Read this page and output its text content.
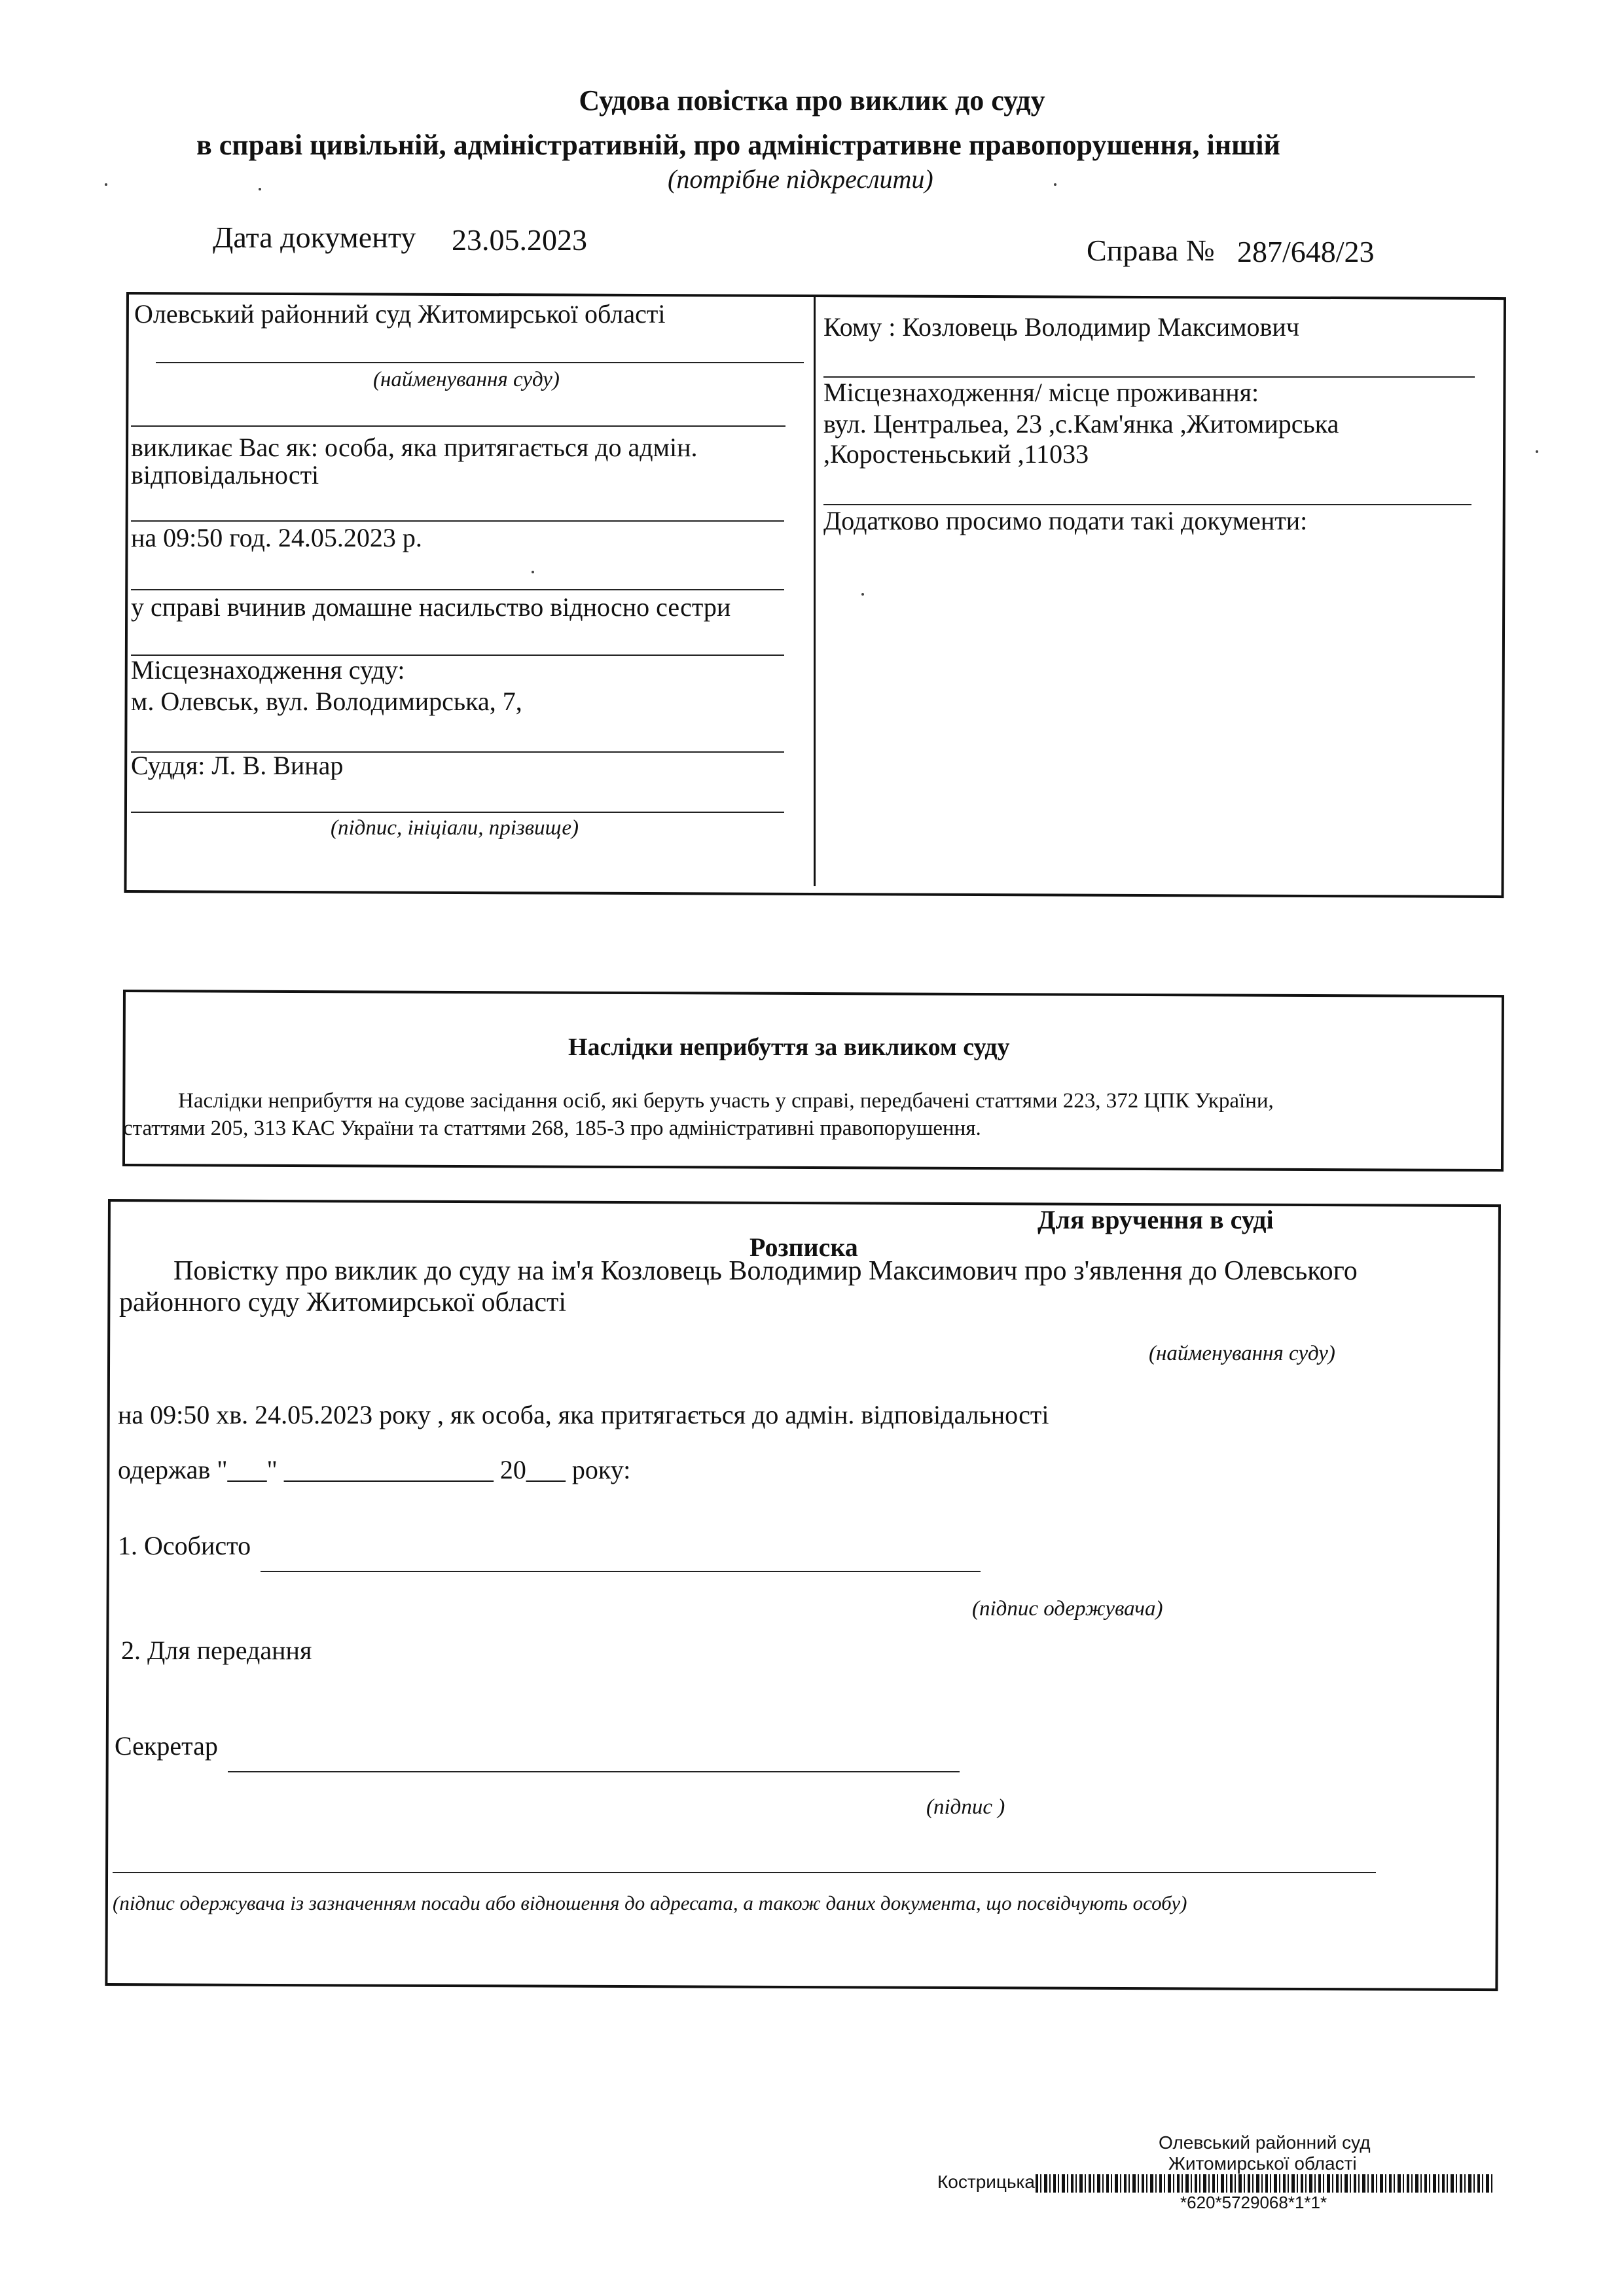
Судова повістка про виклик до суду
в справі цивільній, адміністративній, про адміністративне правопорушення, іншій
(потрібне підкреслити)
Дата документу 23.05.2023	Справа № 287/648/23
Олевський районний суд Житомирської області
(найменування суду)
викликає Вас як: особа, яка притягається до адмін.
відповідальності
на 09:50 год. 24.05.2023 р.
у справі вчинив домашне насильство відносно сестри
Місцезнаходження суду:
м. Олевськ, вул. Володимирська, 7,
Суддя: Л. В. Винар
(підпис, ініціали, прізвище)
Кому : Козловець Володимир Максимович
Місцезнаходження/ місце проживання:
вул. Центральеа, 23 ,с.Кам'янка ,Житомирська
,Коростеньський ,11033
Додатково просимо подати такі документи:
Наслідки неприбуття за викликом суду
Наслідки неприбуття на судове засідання осіб, які беруть участь у справі, передбачені статтями 223, 372 ЦПК України,
статтями 205, 313 КАС України та статтями 268, 185-3 про адміністративні правопорушення.
Для вручення в суді
Розписка
Повістку про виклик до суду на ім'я Козловець Володимир Максимович про з'явлення до Олевського
районного суду Житомирської області
(найменування суду)
на 09:50 хв. 24.05.2023 року , як особа, яка притягається до адмін. відповідальності
одержав "___" ________________ 20___ року:
1. Особисто
(підпис одержувача)
2. Для передання
Секретар
(підпис )
(підпис одержувача із зазначенням посади або відношення до адресата, а також даних документа, що посвідчують особу)
Олевський районний суд
Житомирської області
Кострицька
*620*5729068*1*1*
